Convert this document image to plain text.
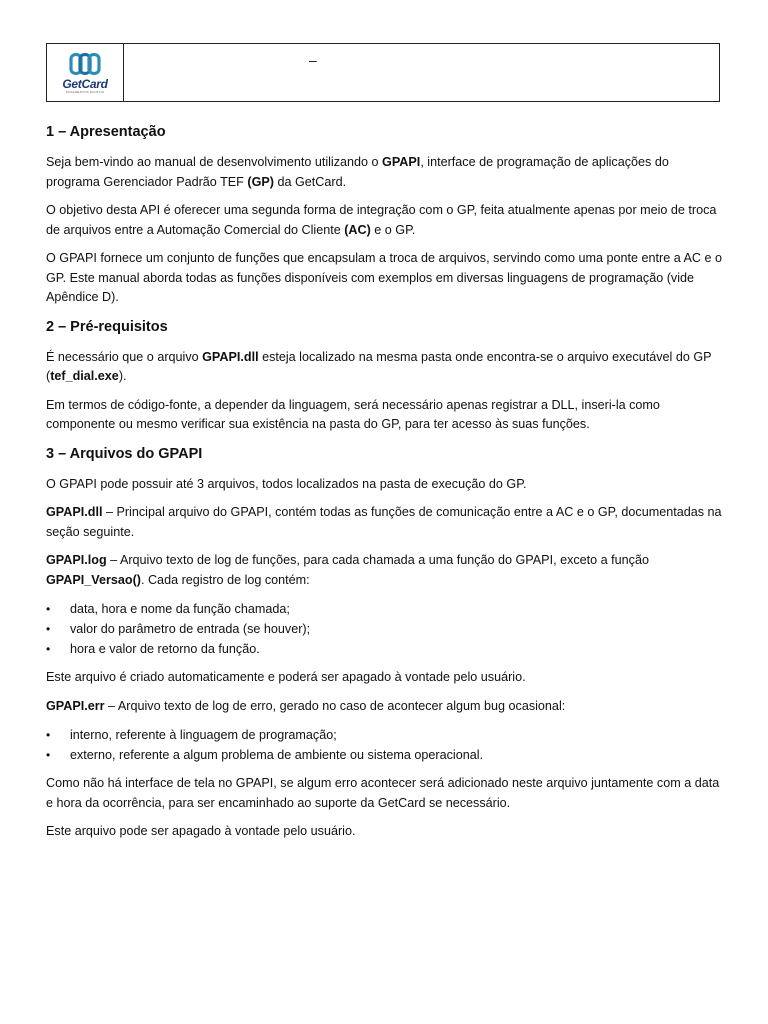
GetCard
PAGAMENTOS DIGITAIS
–
1 – Apresentação

Seja bem-vindo ao manual de desenvolvimento utilizando o GPAPI, interface de programação de aplicações do programa Gerenciador Padrão TEF (GP) da GetCard.

O objetivo desta API é oferecer uma segunda forma de integração com o GP, feita atualmente apenas por meio de troca de arquivos entre a Automação Comercial do Cliente (AC) e o GP.

O GPAPI fornece um conjunto de funções que encapsulam a troca de arquivos, servindo como uma ponte entre a AC e o GP. Este manual aborda todas as funções disponíveis com exemplos em diversas linguagens de programação (vide Apêndice D).

2 – Pré-requisitos

É necessário que o arquivo GPAPI.dll esteja localizado na mesma pasta onde encontra-se o arquivo executável do GP (tef_dial.exe).

Em termos de código-fonte, a depender da linguagem, será necessário apenas registrar a DLL, inseri-la como componente ou mesmo verificar sua existência na pasta do GP, para ter acesso às suas funções.

3 – Arquivos do GPAPI

O GPAPI pode possuir até 3 arquivos, todos localizados na pasta de execução do GP.

GPAPI.dll – Principal arquivo do GPAPI, contém todas as funções de comunicação entre a AC e o GP, documentadas na seção seguinte.

GPAPI.log – Arquivo texto de log de funções, para cada chamada a uma função do GPAPI, exceto a função GPAPI_Versao(). Cada registro de log contém:

• data, hora e nome da função chamada;
• valor do parâmetro de entrada (se houver);
• hora e valor de retorno da função.

Este arquivo é criado automaticamente e poderá ser apagado à vontade pelo usuário.

GPAPI.err – Arquivo texto de log de erro, gerado no caso de acontecer algum bug ocasional:

• interno, referente à linguagem de programação;
• externo, referente a algum problema de ambiente ou sistema operacional.

Como não há interface de tela no GPAPI, se algum erro acontecer será adicionado neste arquivo juntamente com a data e hora da ocorrência, para ser encaminhado ao suporte da GetCard se necessário.

Este arquivo pode ser apagado à vontade pelo usuário.
